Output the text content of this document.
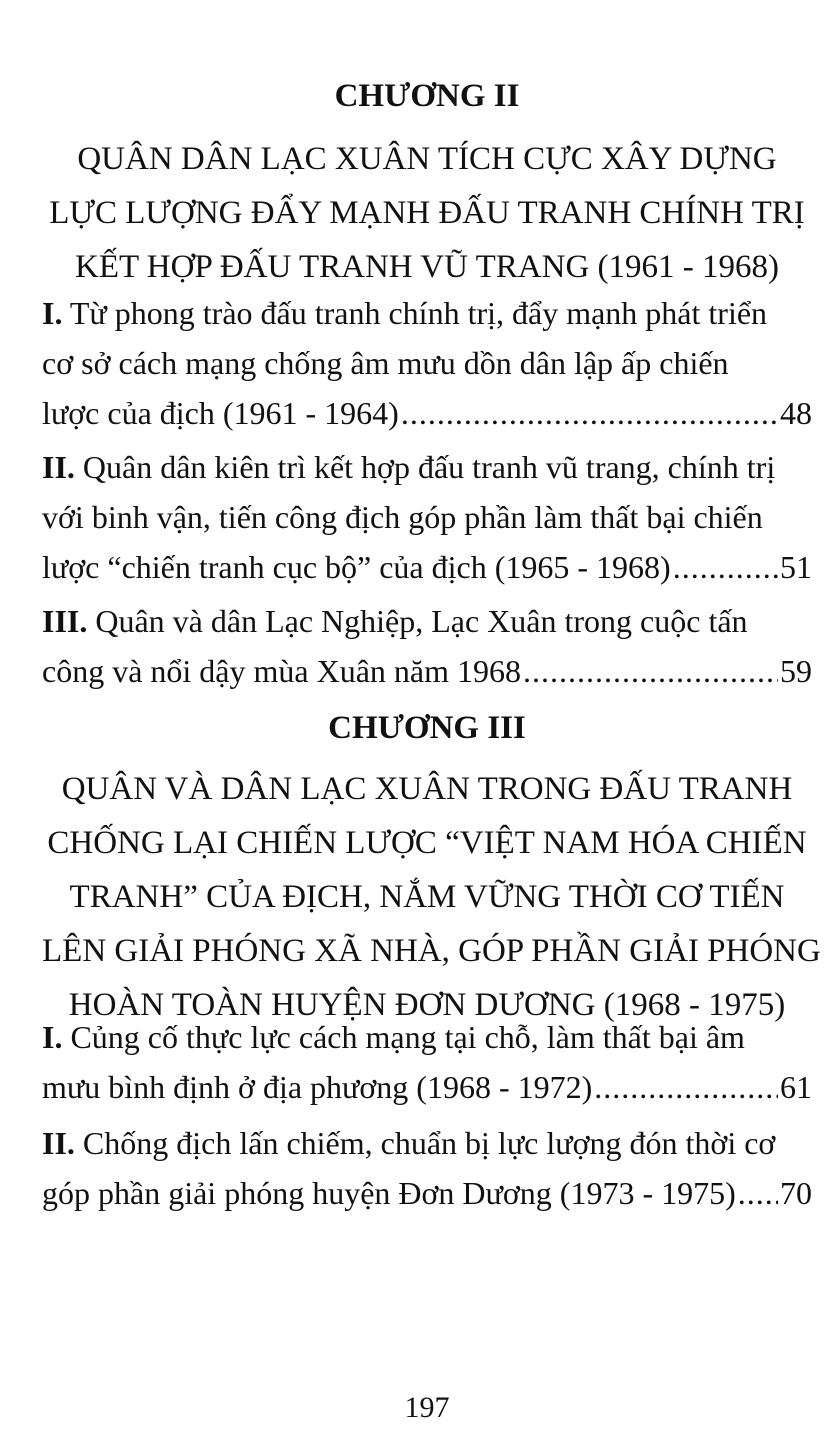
CHƯƠNG II
QUÂN DÂN LẠC XUÂN TÍCH CỰC XÂY DỰNG
LỰC LƯỢNG ĐẨY MẠNH ĐẤU TRANH CHÍNH TRỊ
KẾT HỢP ĐẤU TRANH VŨ TRANG (1961 - 1968)
I. Từ phong trào đấu tranh chính trị, đẩy mạnh phát triển
cơ sở cách mạng chống âm mưu dồn dân lập ấp chiến
lược của địch (1961 - 1964) .....	48
II. Quân dân kiên trì kết hợp đấu tranh vũ trang, chính trị
với binh vận, tiến công địch góp phần làm thất bại chiến
lược “chiến tranh cục bộ” của địch (1965 - 1968) .....	51
III. Quân và dân Lạc Nghiệp, Lạc Xuân trong cuộc tấn
công và nổi dậy mùa Xuân năm 1968 .....	59
CHƯƠNG III
QUÂN VÀ DÂN LẠC XUÂN TRONG ĐẤU TRANH
CHỐNG LẠI CHIẾN LƯỢC “VIỆT NAM HÓA CHIẾN
TRANH” CỦA ĐỊCH, NẮM VỮNG THỜI CƠ TIẾN
LÊN GIẢI PHÓNG XÃ NHÀ, GÓP PHẦN GIẢI PHÓNG
HOÀN TOÀN HUYỆN ĐƠN DƯƠNG (1968 - 1975)
I. Củng cố thực lực cách mạng tại chỗ, làm thất bại âm
mưu bình định ở địa phương (1968 - 1972) .....	61
II. Chống địch lấn chiếm, chuẩn bị lực lượng đón thời cơ
góp phần giải phóng huyện Đơn Dương (1973 - 1975) ..... 70
197
